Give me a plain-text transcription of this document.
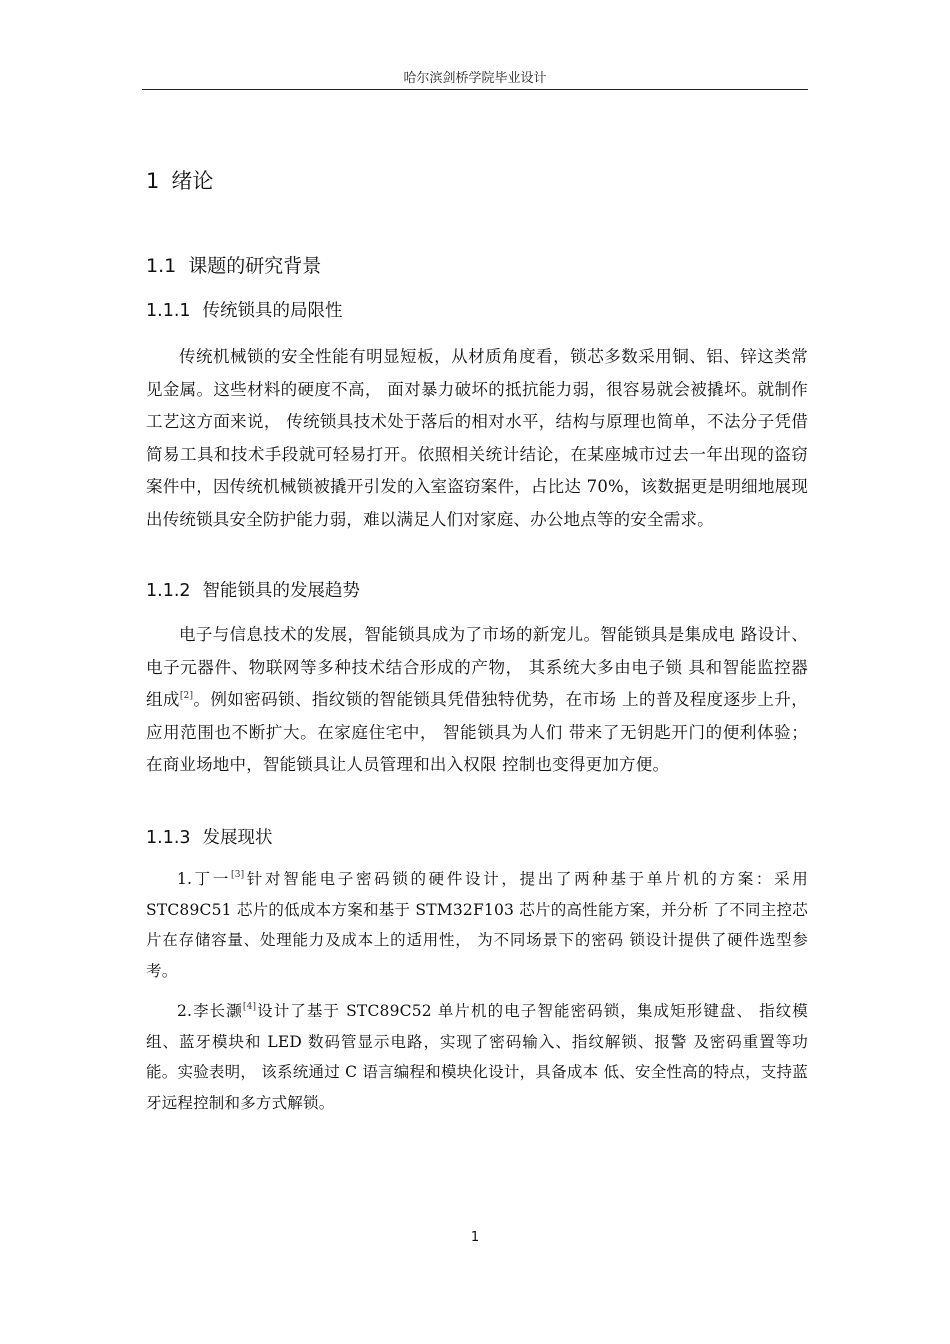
哈尔滨剑桥学院毕业设计
1 绪论
1.1 课题的研究背景
1.1.1 传统锁具的局限性

传统机械锁的安全性能有明显短板，从材质角度看，锁芯多数采用铜、铝、锌这类常见金属。这些材料的硬度不高， 面对暴力破坏的抵抗能力弱，很容易就会被撬坏。就制作工艺这方面来说， 传统锁具技术处于落后的相对水平，结构与原理也简单，不法分子凭借简易工具和技术手段就可轻易打开。依照相关统计结论，在某座城市过去一年出现的盗窃案件中，因传统机械锁被撬开引发的入室盗窃案件，占比达 70%，该数据更是明细地展现出传统锁具安全防护能力弱，难以满足人们对家庭、办公地点等的安全需求。

1.1.2 智能锁具的发展趋势

电子与信息技术的发展，智能锁具成为了市场的新宠儿。智能锁具是集成电 路设计、电子元器件、物联网等多种技术结合形成的产物， 其系统大多由电子锁 具和智能监控器组成[2]。例如密码锁、指纹锁的智能锁具凭借独特优势，在市场 上的普及程度逐步上升，应用范围也不断扩大。在家庭住宅中， 智能锁具为人们 带来了无钥匙开门的便利体验；在商业场地中，智能锁具让人员管理和出入权限 控制也变得更加方便。

1.1.3 发展现状

1.丁一[3]针对智能电子密码锁的硬件设计，提出了两种基于单片机的方案：采用 STC89C51 芯片的低成本方案和基于 STM32F103 芯片的高性能方案，并分析 了不同主控芯片在存储容量、处理能力及成本上的适用性， 为不同场景下的密码 锁设计提供了硬件选型参考。

2.李长灏[4]设计了基于 STC89C52 单片机的电子智能密码锁，集成矩形键盘、 指纹模组、蓝牙模块和 LED 数码管显示电路，实现了密码输入、指纹解锁、报警 及密码重置等功能。实验表明， 该系统通过 C 语言编程和模块化设计，具备成本 低、安全性高的特点，支持蓝牙远程控制和多方式解锁。

1
